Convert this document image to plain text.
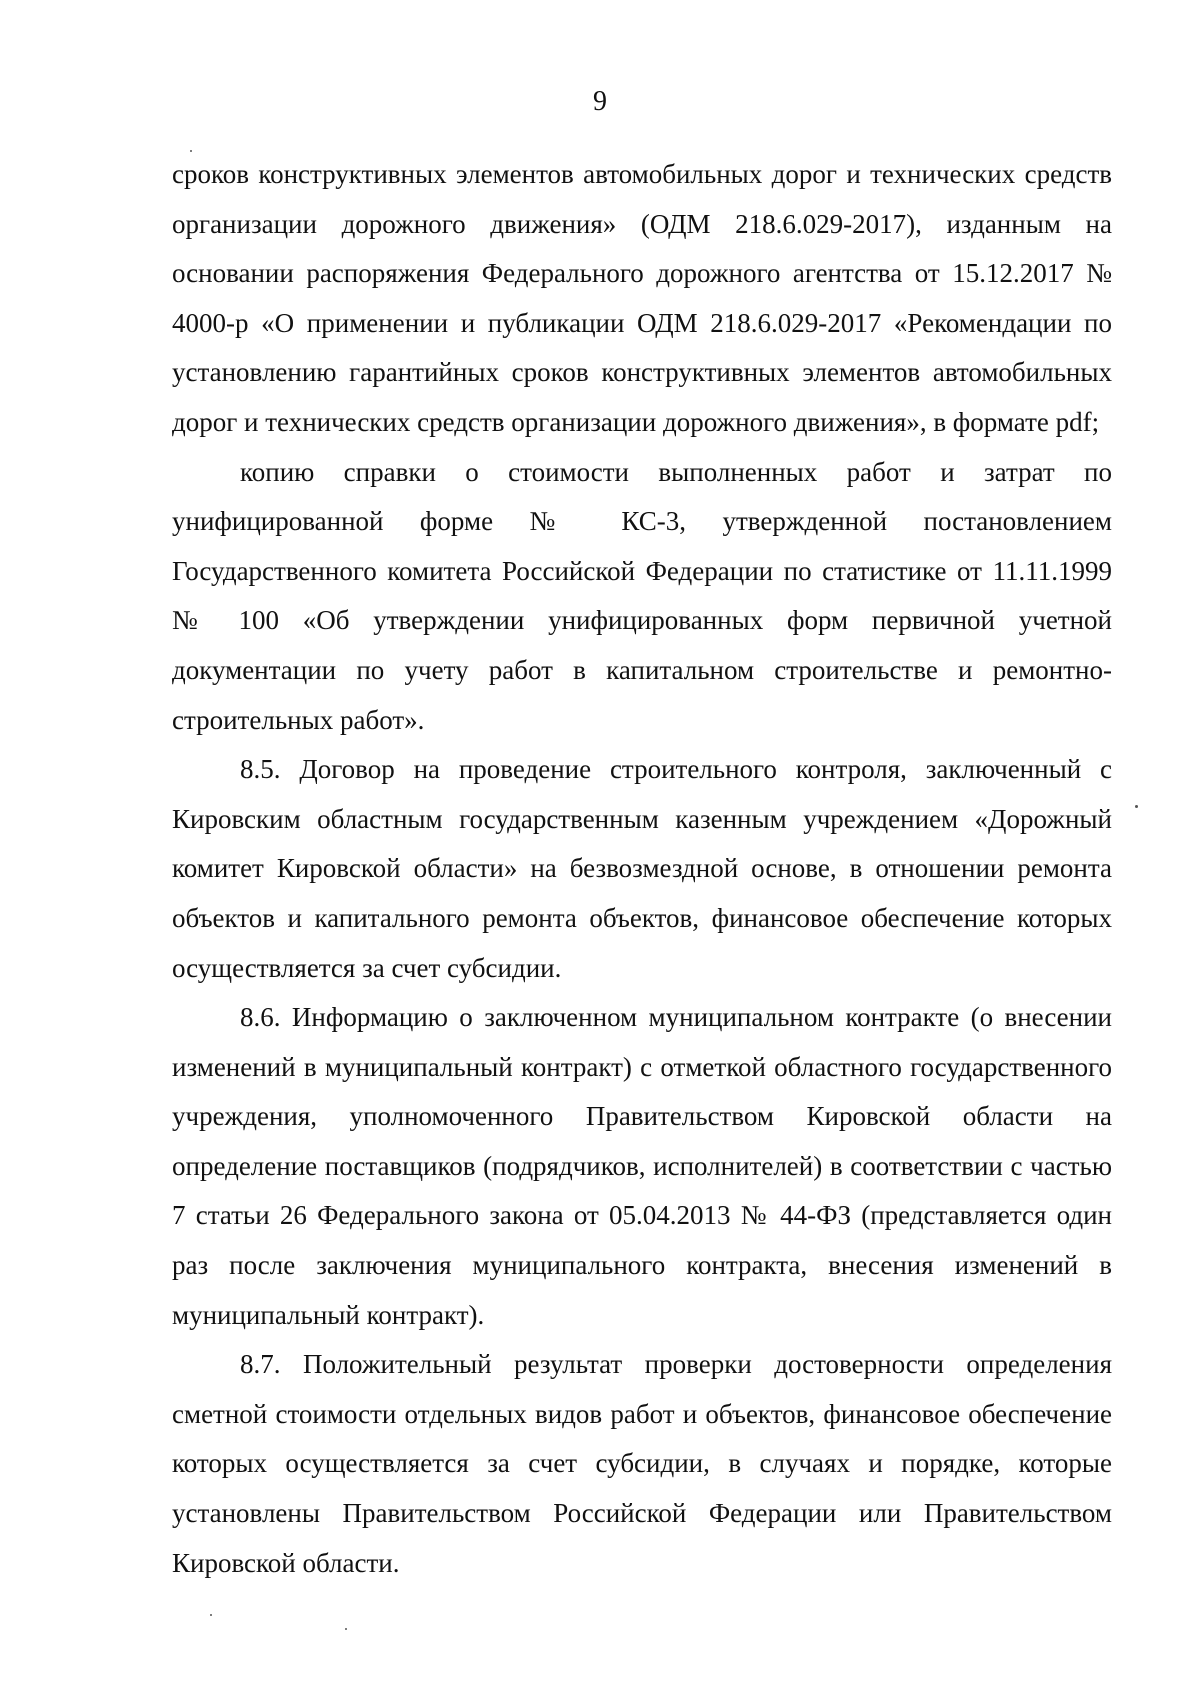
9

сроков конструктивных элементов автомобильных дорог и технических средств организации дорожного движения» (ОДМ 218.6.029-2017), изданным на основании распоряжения Федерального дорожного агентства от 15.12.2017 № 4000-р «О применении и публикации ОДМ 218.6.029-2017 «Рекомендации по установлению гарантийных сроков конструктивных элементов автомобильных дорог и технических средств организации дорожного движения», в формате pdf;

копию справки о стоимости выполненных работ и затрат по унифицированной форме № КС-3, утвержденной постановлением Государственного комитета Российской Федерации по статистике от 11.11.1999 № 100 «Об утверждении унифицированных форм первичной учетной документации по учету работ в капитальном строительстве и ремонтно-строительных работ».

8.5. Договор на проведение строительного контроля, заключенный с Кировским областным государственным казенным учреждением «Дорожный комитет Кировской области» на безвозмездной основе, в отношении ремонта объектов и капитального ремонта объектов, финансовое обеспечение которых осуществляется за счет субсидии.

8.6. Информацию о заключенном муниципальном контракте (о внесении изменений в муниципальный контракт) с отметкой областного государственного учреждения, уполномоченного Правительством Кировской области на определение поставщиков (подрядчиков, исполнителей) в соответствии с частью 7 статьи 26 Федерального закона от 05.04.2013 № 44-ФЗ (представляется один раз после заключения муниципального контракта, внесения изменений в муниципальный контракт).

8.7. Положительный результат проверки достоверности определения сметной стоимости отдельных видов работ и объектов, финансовое обеспечение которых осуществляется за счет субсидии, в случаях и порядке, которые установлены Правительством Российской Федерации или Правительством Кировской области.
